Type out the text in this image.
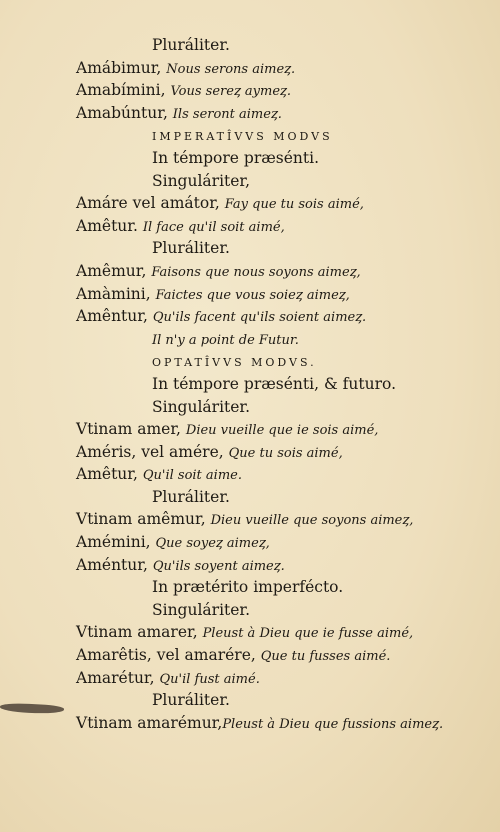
Pluráliter.
Amábimur, Nous serons aimeȥ.
Amabímini, Vous sereȥ aymeȥ.
Amabúntur, Ils seront aimeȥ.
IMPERATÎVVS MODVS
In témpore præsénti.
Singuláriter,
Amáre vel amátor, Fay que tu sois aimé,
Amêtur. Il face qu'il soit aimé,
Pluráliter.
Amêmur, Faisons que nous soyons aimeȥ,
Amàmini, Faictes que vous soieȥ aimeȥ,
Amêntur, Qu'ils facent qu'ils soient aimeȥ.
Il n'y a point de Futur.
OPTATÎVVS MODVS.
In témpore præsénti, & futuro.
Singuláriter.
Vtinam amer, Dieu vueille que ie sois aimé,
Améris, vel amére, Que tu sois aimé,
Amêtur, Qu'il soit aime.
Pluráliter.
Vtinam amêmur, Dieu vueille que soyons aimeȥ,
Amémini, Que soyeȥ aimeȥ,
Améntur, Qu'ils soyent aimeȥ.
In prætérito imperfécto.
Singuláriter.
Vtinam amarer, Pleust à Dieu que ie fusse aimé,
Amarêtis, vel amarére, Que tu fusses aimé.
Amarétur, Qu'il fust aimé.
Pluráliter.
Vtinam amarémur,Pleust à Dieu que fussions aimeȥ.
